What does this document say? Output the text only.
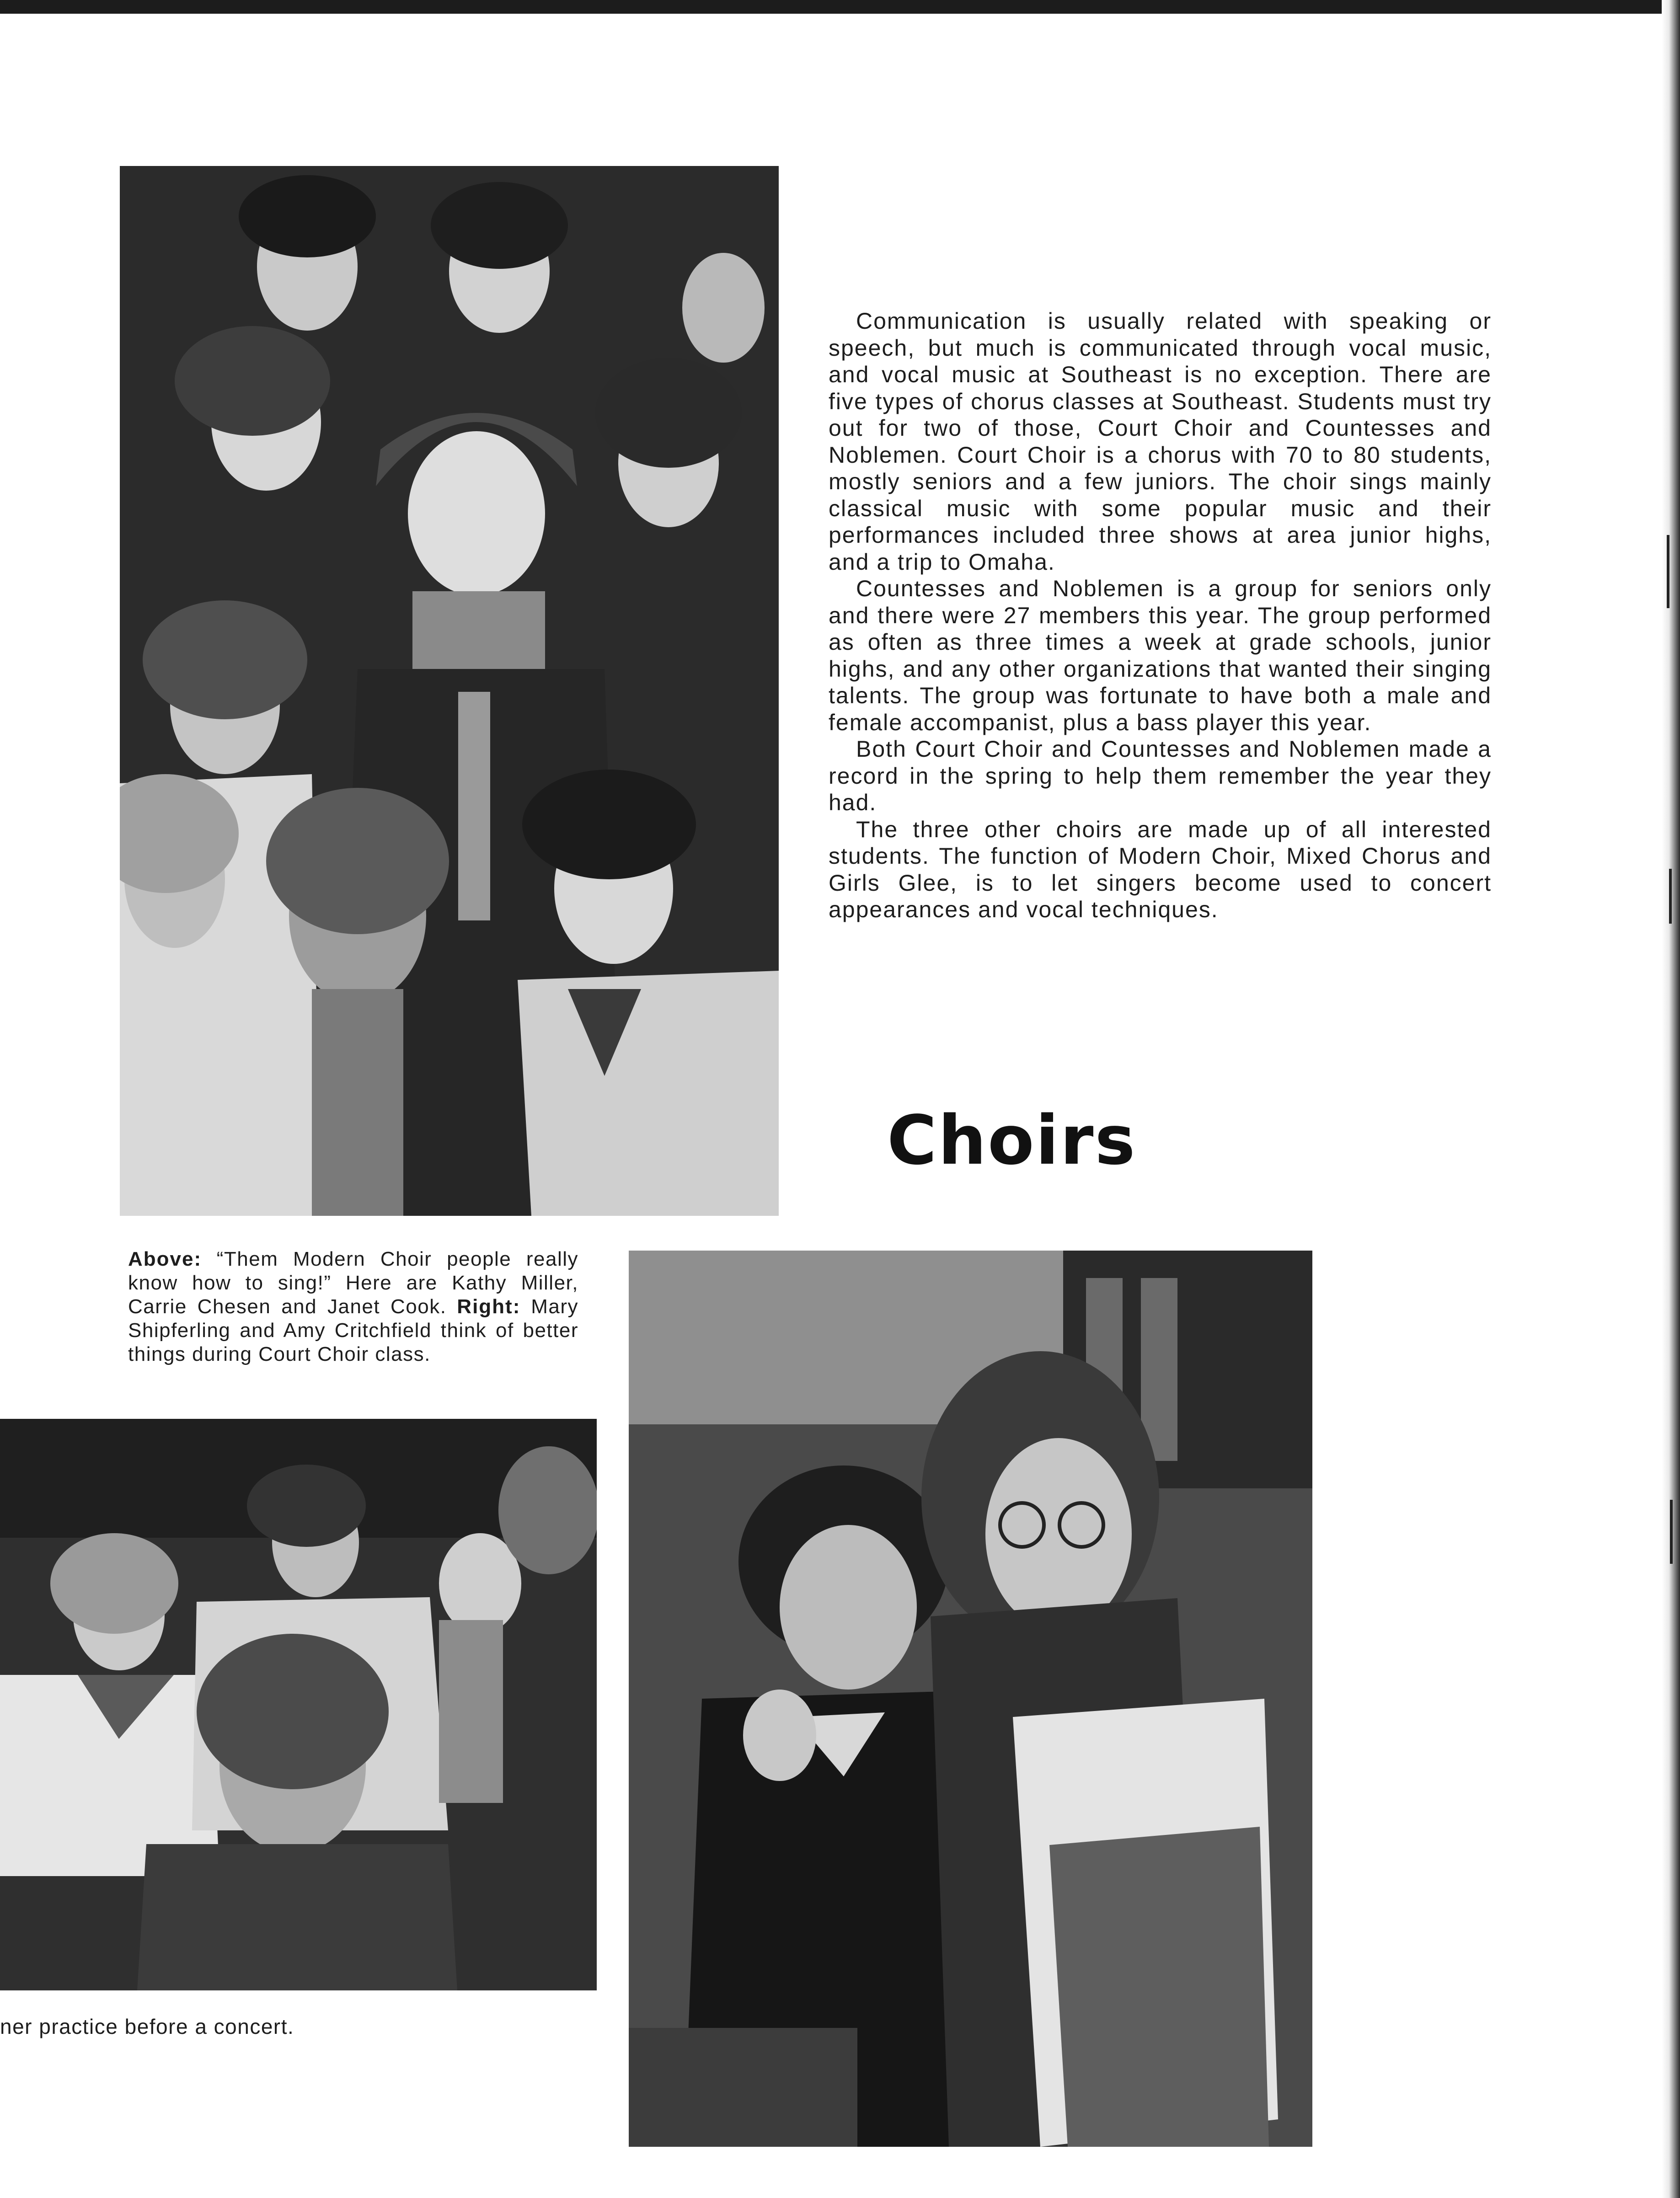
Communication is usually related with speaking or speech, but much is communicated through vocal music, and vocal music at Southeast is no exception. There are five types of chorus classes at Southeast. Students must try out for two of those, Court Choir and Countesses and Noblemen. Court Choir is a chorus with 70 to 80 students, mostly seniors and a few juniors. The choir sings mainly classical music with some popular music and their performances included three shows at area junior highs, and a trip to Omaha.

Countesses and Noblemen is a group for seniors only and there were 27 members this year. The group performed as often as three times a week at grade schools, junior highs, and any other organizations that wanted their singing talents. The group was fortunate to have both a male and female accompanist, plus a bass player this year.

Both Court Choir and Countesses and Noblemen made a record in the spring to help them remember the year they had.

The three other choirs are made up of all interested students. The function of Modern Choir, Mixed Chorus and Girls Glee, is to let singers become used to concert appearances and vocal techniques.

Choirs

Above: “Them Modern Choir people really know how to sing!” Here are Kathy Miller, Carrie Chesen and Janet Cook. Right: Mary Shipferling and Amy Critchfield think of better things during Court Choir class.

ner practice before a concert.
